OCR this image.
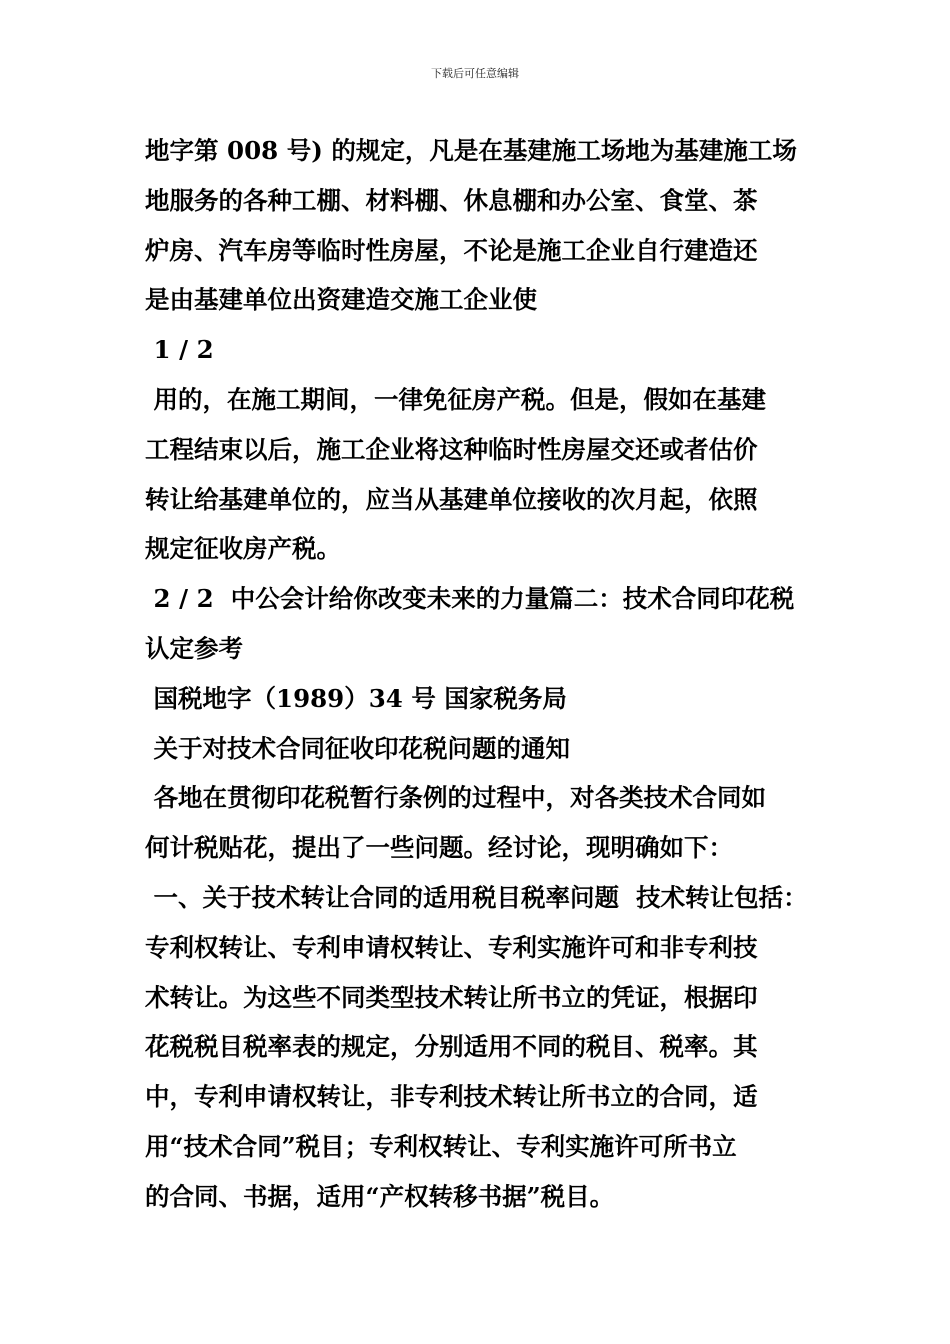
下载后可任意编辑
地字第 008 号) 的规定，凡是在基建施工场地为基建施工场
地服务的各种工棚、材料棚、休息棚和办公室、食堂、茶
炉房、汽车房等临时性房屋，不论是施工企业自行建造还
是由基建单位出资建造交施工企业使
1 / 2
用的，在施工期间，一律免征房产税。但是，假如在基建
工程结束以后，施工企业将这种临时性房屋交还或者估价
转让给基建单位的，应当从基建单位接收的次月起，依照
规定征收房产税。
2 / 2  中公会计给你改变未来的力量篇二：技术合同印花税
认定参考
国税地字（1989）34 号 国家税务局
关于对技术合同征收印花税问题的通知
各地在贯彻印花税暂行条例的过程中，对各类技术合同如
何计税贴花，提出了一些问题。经讨论，现明确如下：
一、关于技术转让合同的适用税目税率问题  技术转让包括：
专利权转让、专利申请权转让、专利实施许可和非专利技
术转让。为这些不同类型技术转让所书立的凭证，根据印
花税税目税率表的规定，分别适用不同的税目、税率。其
中，专利申请权转让，非专利技术转让所书立的合同，适
用“技术合同”税目；专利权转让、专利实施许可所书立
的合同、书据，适用“产权转移书据”税目。
